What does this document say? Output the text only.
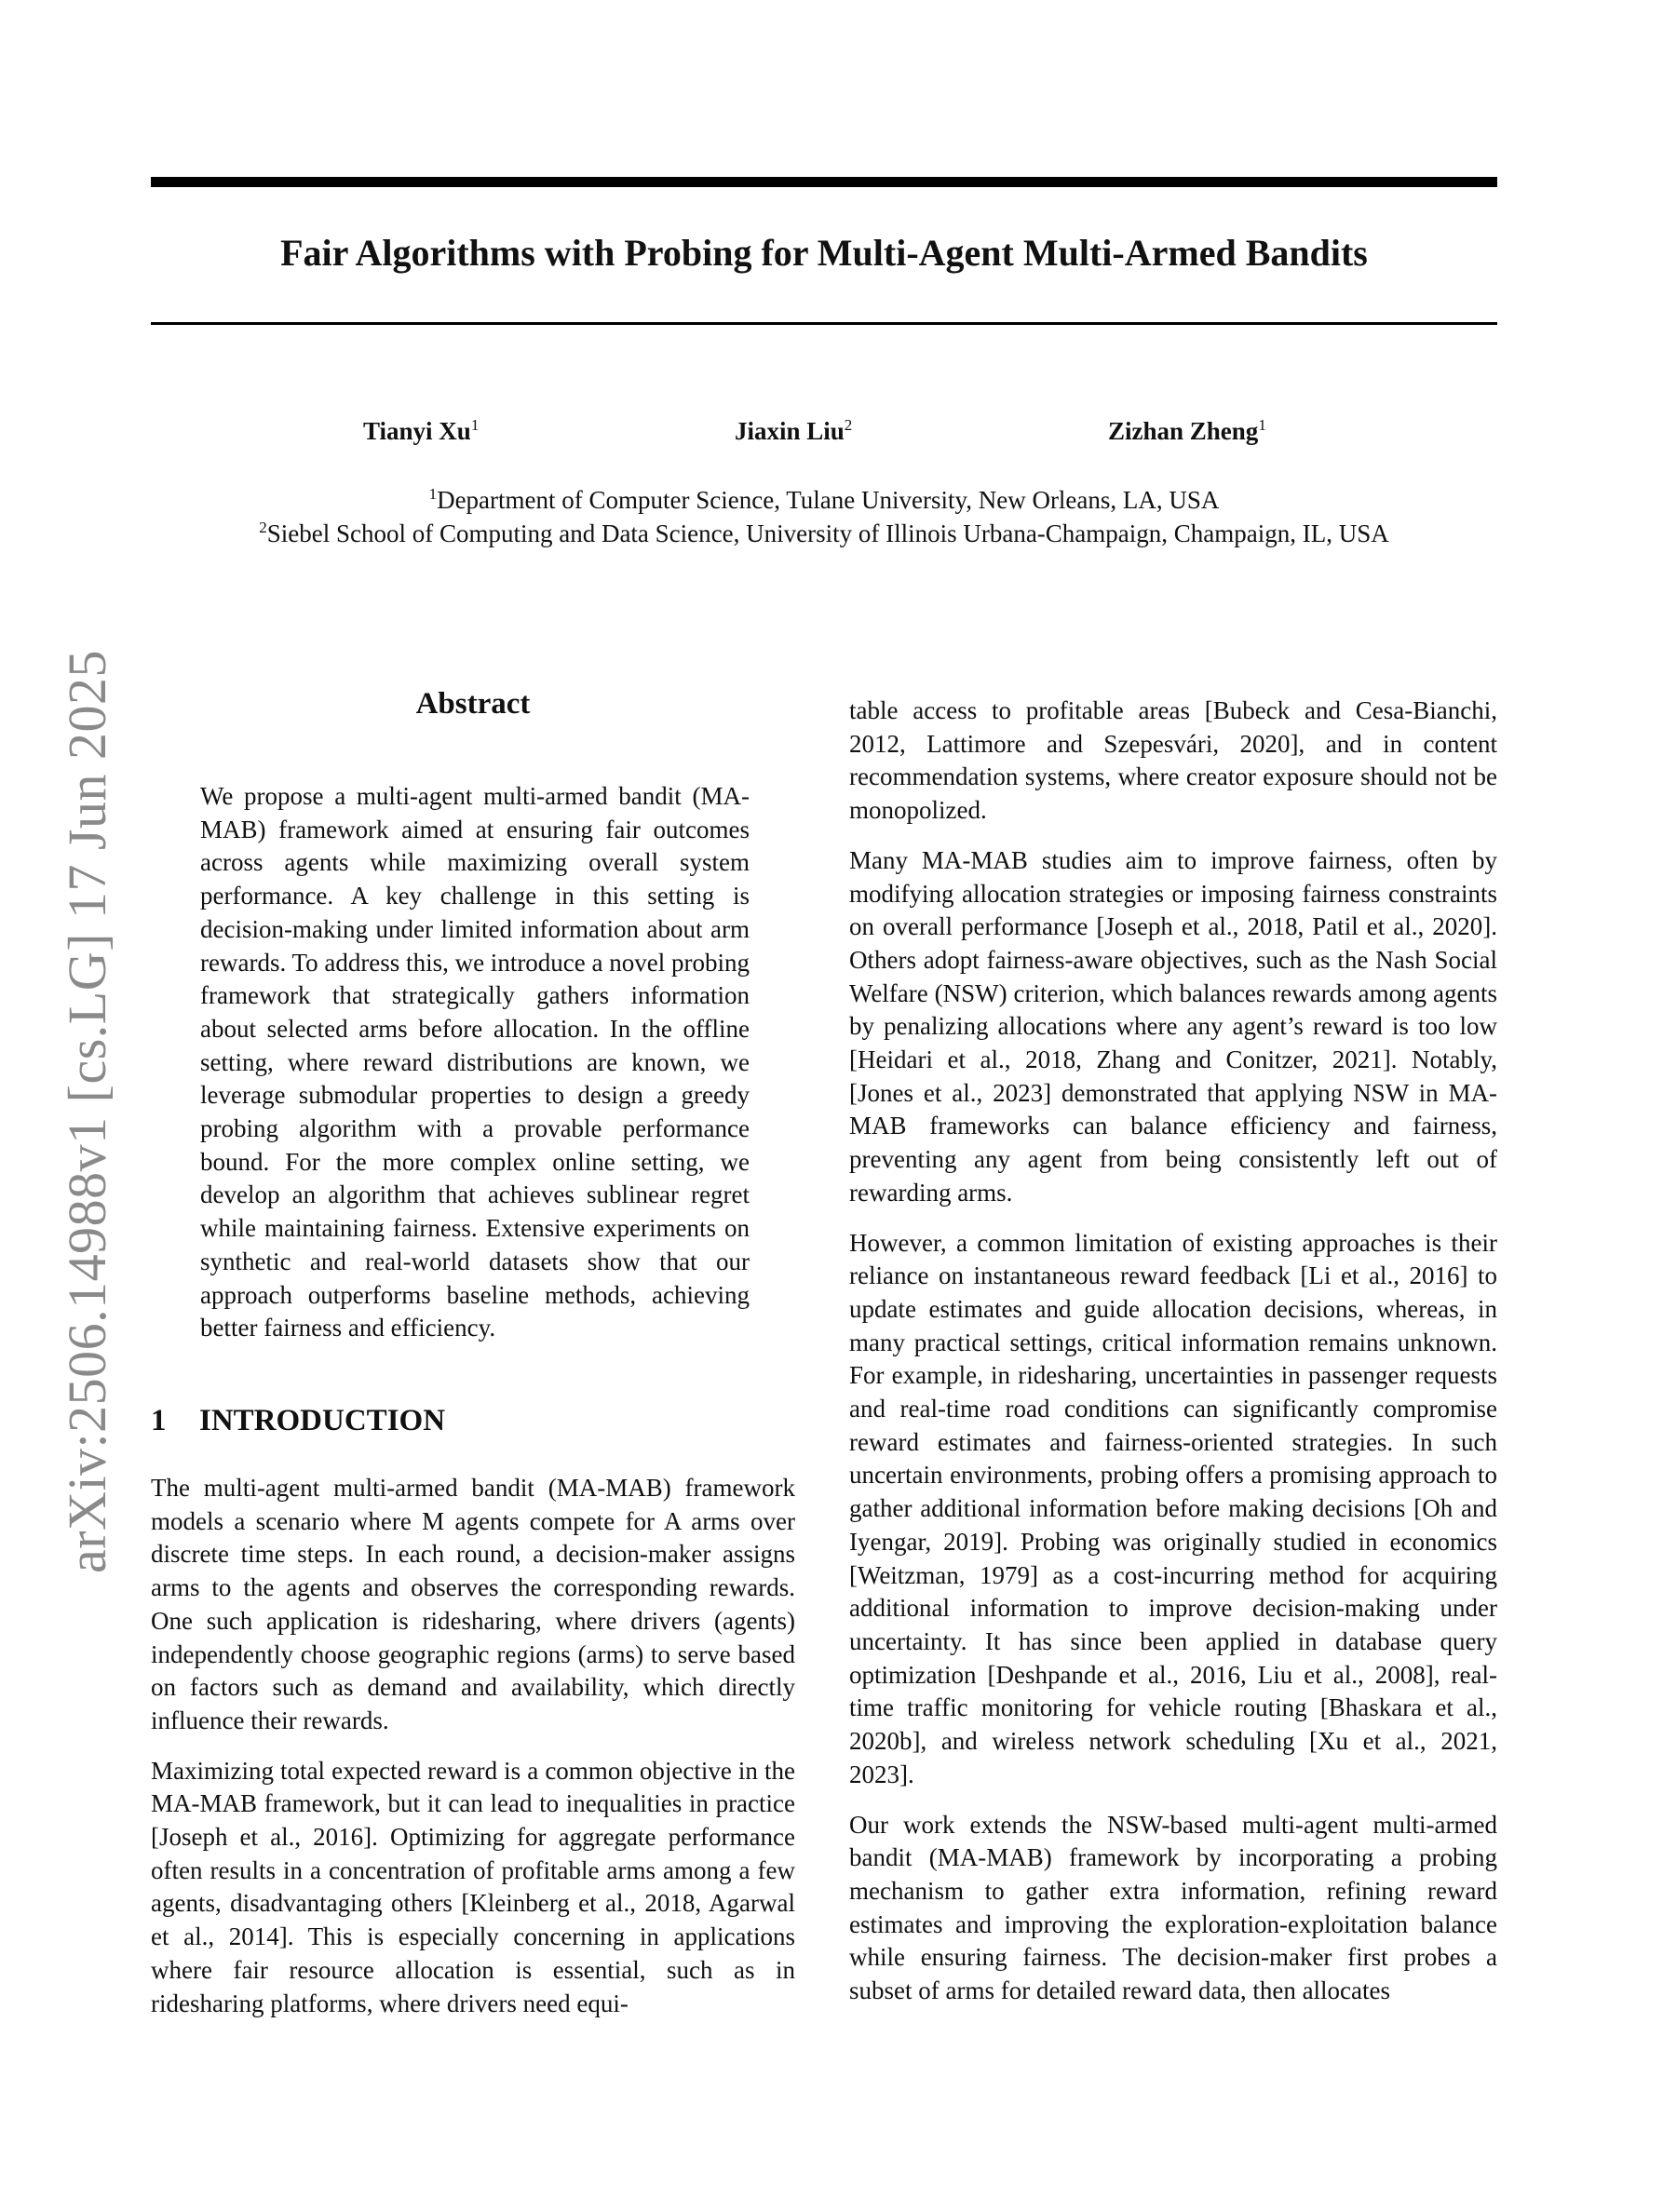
Fair Algorithms with Probing for Multi-Agent Multi-Armed Bandits
Tianyi Xu$^1$	Jiaxin Liu$^2$	Zizhan Zheng$^1$
$^1$Department of Computer Science, Tulane University, New Orleans, LA, USA
$^2$Siebel School of Computing and Data Science, University of Illinois Urbana-Champaign, Champaign, IL, USA
arXiv:2506.14988v1 [cs.LG] 17 Jun 2025	Abstract

We propose a multi-agent multi-armed bandit (MA-MAB) framework aimed at ensuring fair outcomes across agents while maximizing overall system performance. A key challenge in this setting is decision-making under limited information about arm rewards. To address this, we introduce a novel probing framework that strategically gathers information about selected arms before allocation. In the offline setting, where reward distributions are known, we leverage submodular properties to design a greedy probing algorithm with a provable performance bound. For the more complex online setting, we develop an algorithm that achieves sublinear regret while maintaining fairness. Extensive experiments on synthetic and real-world datasets show that our approach outperforms baseline methods, achieving better fairness and efficiency.

1 INTRODUCTION

The multi-agent multi-armed bandit (MA-MAB) framework models a scenario where M agents compete for A arms over discrete time steps. In each round, a decision-maker assigns arms to the agents and observes the corresponding rewards. One such application is ridesharing, where drivers (agents) independently choose geographic regions (arms) to serve based on factors such as demand and availability, which directly influence their rewards.

Maximizing total expected reward is a common objective in the MA-MAB framework, but it can lead to inequalities in practice [Joseph et al., 2016]. Optimizing for aggregate performance often results in a concentration of profitable arms among a few agents, disadvantaging others [Kleinberg et al., 2018, Agarwal et al., 2014]. This is especially concerning in applications where fair resource allocation is essential, such as in ridesharing platforms, where drivers need equi-

table access to profitable areas [Bubeck and Cesa-Bianchi, 2012, Lattimore and Szepesvári, 2020], and in content recommendation systems, where creator exposure should not be monopolized.

Many MA-MAB studies aim to improve fairness, often by modifying allocation strategies or imposing fairness constraints on overall performance [Joseph et al., 2018, Patil et al., 2020]. Others adopt fairness-aware objectives, such as the Nash Social Welfare (NSW) criterion, which balances rewards among agents by penalizing allocations where any agent’s reward is too low [Heidari et al., 2018, Zhang and Conitzer, 2021]. Notably, [Jones et al., 2023] demonstrated that applying NSW in MA-MAB frameworks can balance efficiency and fairness, preventing any agent from being consistently left out of rewarding arms.

However, a common limitation of existing approaches is their reliance on instantaneous reward feedback [Li et al., 2016] to update estimates and guide allocation decisions, whereas, in many practical settings, critical information remains unknown. For example, in ridesharing, uncertainties in passenger requests and real-time road conditions can significantly compromise reward estimates and fairness-oriented strategies. In such uncertain environments, probing offers a promising approach to gather additional information before making decisions [Oh and Iyengar, 2019]. Probing was originally studied in economics [Weitzman, 1979] as a cost-incurring method for acquiring additional information to improve decision-making under uncertainty. It has since been applied in database query optimization [Deshpande et al., 2016, Liu et al., 2008], real-time traffic monitoring for vehicle routing [Bhaskara et al., 2020b], and wireless network scheduling [Xu et al., 2021, 2023].

Our work extends the NSW-based multi-agent multi-armed bandit (MA-MAB) framework by incorporating a probing mechanism to gather extra information, refining reward estimates and improving the exploration-exploitation balance while ensuring fairness. The decision-maker first probes a subset of arms for detailed reward data, then allocates
